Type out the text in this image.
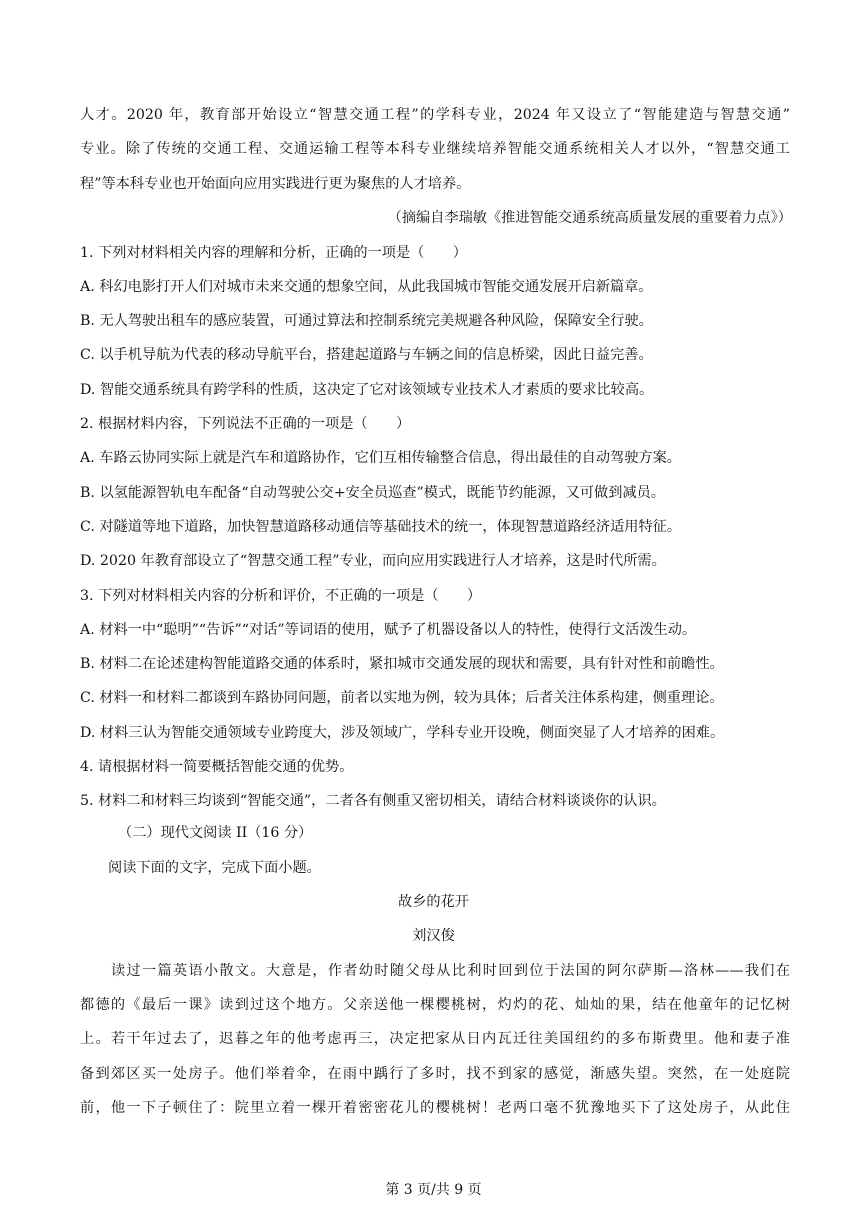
人才。2020 年，教育部开始设立“智慧交通工程”的学科专业，2024 年又设立了“智能建造与智慧交通”
专业。除了传统的交通工程、交通运输工程等本科专业继续培养智能交通系统相关人才以外，“智慧交通工
程”等本科专业也开始面向应用实践进行更为聚焦的人才培养。
（摘编自李瑞敏《推进智能交通系统高质量发展的重要着力点》）
1. 下列对材料相关内容的理解和分析，正确的一项是（　　）
A. 科幻电影打开人们对城市未来交通的想象空间，从此我国城市智能交通发展开启新篇章。
B. 无人驾驶出租车的感应装置，可通过算法和控制系统完美规避各种风险，保障安全行驶。
C. 以手机导航为代表的移动导航平台，搭建起道路与车辆之间的信息桥梁，因此日益完善。
D. 智能交通系统具有跨学科的性质，这决定了它对该领域专业技术人才素质的要求比较高。
2. 根据材料内容，下列说法不正确的一项是（　　）
A. 车路云协同实际上就是汽车和道路协作，它们互相传输整合信息，得出最佳的自动驾驶方案。
B. 以氢能源智轨电车配备“自动驾驶公交+安全员巡查”模式，既能节约能源，又可做到减员。
C. 对隧道等地下道路，加快智慧道路移动通信等基础技术的统一，体现智慧道路经济适用特征。
D. 2020 年教育部设立了“智慧交通工程”专业，而向应用实践进行人才培养，这是时代所需。
3. 下列对材料相关内容的分析和评价，不正确的一项是（　　）
A. 材料一中“聪明”“告诉”“对话”等词语的使用，赋予了机器设备以人的特性，使得行文活泼生动。
B. 材料二在论述建构智能道路交通的体系时，紧扣城市交通发展的现状和需要，具有针对性和前瞻性。
C. 材料一和材料二都谈到车路协同问题，前者以实地为例，较为具体；后者关注体系构建，侧重理论。
D. 材料三认为智能交通领域专业跨度大，涉及领域广，学科专业开设晚，侧面突显了人才培养的困难。
4. 请根据材料一简要概括智能交通的优势。
5. 材料二和材料三均谈到“智能交通”，二者各有侧重又密切相关，请结合材料谈谈你的认识。
（二）现代文阅读 II（16 分）
阅读下面的文字，完成下面小题。
故乡的花开
刘汉俊
　　读过一篇英语小散文。大意是，作者幼时随父母从比利时回到位于法国的阿尔萨斯—洛林——我们在
都德的《最后一课》读到过这个地方。父亲送他一棵樱桃树，灼灼的花、灿灿的果，结在他童年的记忆树
上。若干年过去了，迟暮之年的他考虑再三，决定把家从日内瓦迁往美国纽约的多布斯费里。他和妻子准
备到郊区买一处房子。他们举着伞，在雨中踽行了多时，找不到家的感觉，渐感失望。突然，在一处庭院
前，他一下子顿住了：院里立着一棵开着密密花儿的樱桃树！老两口毫不犹豫地买下了这处房子，从此住
第 3 页/共 9 页
